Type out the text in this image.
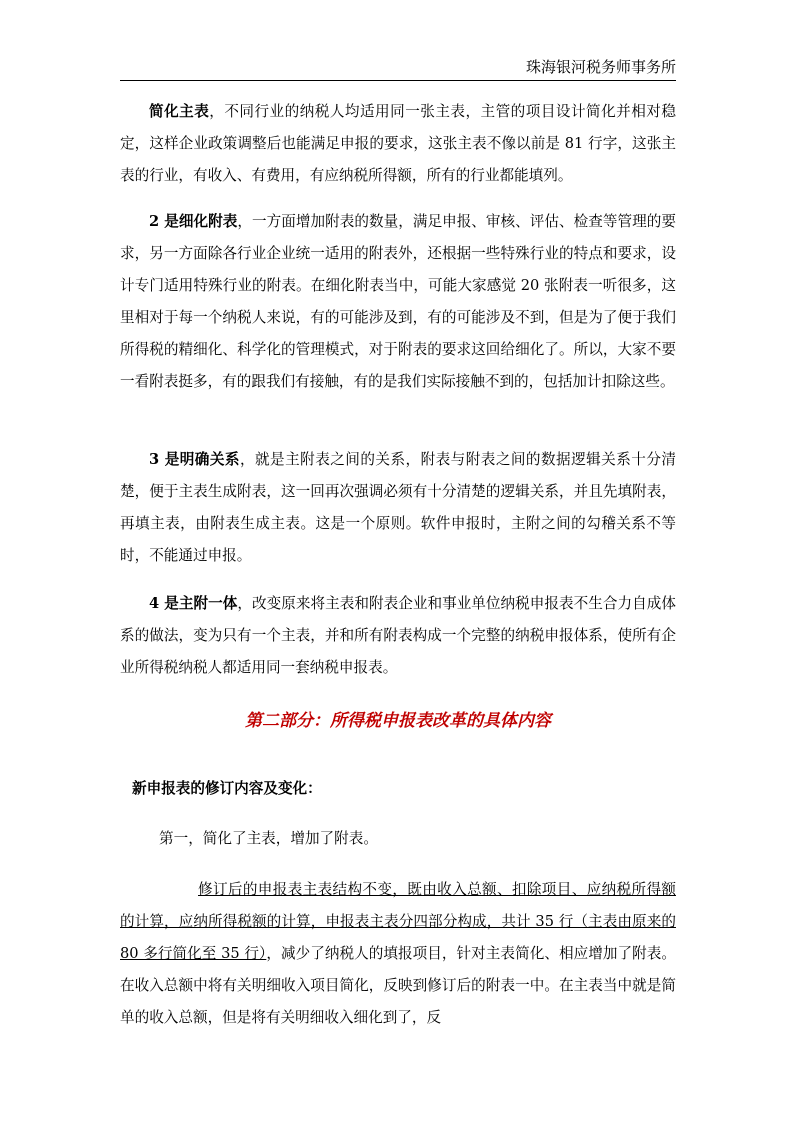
珠海银河税务师事务所

简化主表，不同行业的纳税人均适用同一张主表，主管的项目设计简化并相对稳定，这样企业政策调整后也能满足申报的要求，这张主表不像以前是 81 行字，这张主表的行业，有收入、有费用，有应纳税所得额，所有的行业都能填列。

2 是细化附表，一方面增加附表的数量，满足申报、审核、评估、检查等管理的要求，另一方面除各行业企业统一适用的附表外，还根据一些特殊行业的特点和要求，设计专门适用特殊行业的附表。在细化附表当中，可能大家感觉 20 张附表一听很多，这里相对于每一个纳税人来说，有的可能涉及到，有的可能涉及不到，但是为了便于我们所得税的精细化、科学化的管理模式，对于附表的要求这回给细化了。所以，大家不要一看附表挺多，有的跟我们有接触，有的是我们实际接触不到的，包括加计扣除这些。

3 是明确关系，就是主附表之间的关系，附表与附表之间的数据逻辑关系十分清楚，便于主表生成附表，这一回再次强调必须有十分清楚的逻辑关系，并且先填附表，再填主表，由附表生成主表。这是一个原则。软件申报时，主附之间的勾稽关系不等时，不能通过申报。

4 是主附一体，改变原来将主表和附表企业和事业单位纳税申报表不生合力自成体系的做法，变为只有一个主表，并和所有附表构成一个完整的纳税申报体系，使所有企业所得税纳税人都适用同一套纳税申报表。

第二部分：所得税申报表改革的具体内容

新申报表的修订内容及变化：

第一，简化了主表，增加了附表。

修订后的申报表主表结构不变，既由收入总额、扣除项目、应纳税所得额的计算，应纳所得税额的计算，申报表主表分四部分构成，共计 35 行（主表由原来的 80 多行简化至 35 行），减少了纳税人的填报项目，针对主表简化、相应增加了附表。在收入总额中将有关明细收入项目简化，反映到修订后的附表一中。在主表当中就是简单的收入总额，但是将有关明细收入细化到了，反
